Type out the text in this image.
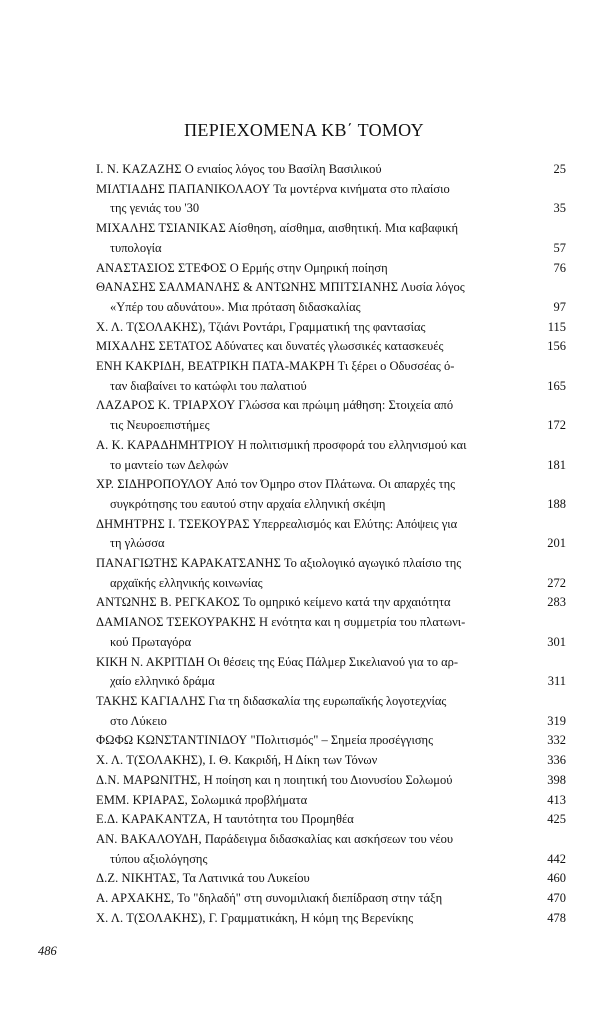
ΠΕΡΙΕΧΟΜΕΝΑ ΚΒ΄ ΤΟΜΟΥ
Ι. Ν. ΚΑΖΑΖΗΣ Ο ενιαίος λόγος του Βασίλη Βασιλικού	25
ΜΙΛΤΙΑΔΗΣ ΠΑΠΑΝΙΚΟΛΑΟΥ Τα μοντέρνα κινήματα στο πλαίσιο
της γενιάς του '30	35
ΜΙΧΑΛΗΣ ΤΣΙΑΝΙΚΑΣ Αίσθηση, αίσθημα, αισθητική. Μια καβαφική
τυπολογία	57
ΑΝΑΣΤΑΣΙΟΣ ΣΤΕΦΟΣ Ο Ερμής στην Ομηρική ποίηση	76
ΘΑΝΑΣΗΣ ΣΑΛΜΑΝΛΗΣ & ΑΝΤΩΝΗΣ ΜΠΙΤΣΙΑΝΗΣ Λυσία λόγος
«Υπέρ του αδυνάτου». Μια πρόταση διδασκαλίας	97
Χ. Λ. Τ(ΣΟΛΑΚΗΣ), Τζιάνι Ροντάρι, Γραμματική της φαντασίας	115
ΜΙΧΑΛΗΣ ΣΕΤΑΤΟΣ Αδύνατες και δυνατές γλωσσικές κατασκευές	156
ΕΝΗ ΚΑΚΡΙΔΗ, ΒΕΑΤΡΙΚΗ ΠΑΤΑ-ΜΑΚΡΗ Τι ξέρει ο Οδυσσέας ό-
ταν διαβαίνει το κατώφλι του παλατιού	165
ΛΑΖΑΡΟΣ Κ. ΤΡΙΑΡΧΟΥ Γλώσσα και πρώιμη μάθηση: Στοιχεία από
τις Νευροεπιστήμες	172
Α. Κ. ΚΑΡΑΔΗΜΗΤΡΙΟΥ Η πολιτισμική προσφορά του ελληνισμού και
το μαντείο των Δελφών	181
ΧΡ. ΣΙΔΗΡΟΠΟΥΛΟΥ Από τον Όμηρο στον Πλάτωνα. Οι απαρχές της
συγκρότησης του εαυτού στην αρχαία ελληνική σκέψη	188
ΔΗΜΗΤΡΗΣ Ι. ΤΣΕΚΟΥΡΑΣ Υπερρεαλισμός και Ελύτης: Απόψεις για
τη γλώσσα	201
ΠΑΝΑΓΙΩΤΗΣ ΚΑΡΑΚΑΤΣΑΝΗΣ Το αξιολογικό αγωγικό πλαίσιο της
αρχαϊκής ελληνικής κοινωνίας	272
ΑΝΤΩΝΗΣ Β. ΡΕΓΚΑΚΟΣ Το ομηρικό κείμενο κατά την αρχαιότητα	283
ΔΑΜΙΑΝΟΣ ΤΣΕΚΟΥΡΑΚΗΣ Η ενότητα και η συμμετρία του πλατωνι-
κού Πρωταγόρα	301
ΚΙΚΗ Ν. ΑΚΡΙΤΙΔΗ Οι θέσεις της Εύας Πάλμερ Σικελιανού για το αρ-
χαίο ελληνικό δράμα	311
ΤΑΚΗΣ ΚΑΓΙΑΛΗΣ Για τη διδασκαλία της ευρωπαϊκής λογοτεχνίας
στο Λύκειο	319
ΦΩΦΩ ΚΩΝΣΤΑΝΤΙΝΙΔΟΥ "Πολιτισμός" – Σημεία προσέγγισης	332
Χ. Λ. Τ(ΣΟΛΑΚΗΣ), Ι. Θ. Κακριδή, Η Δίκη των Τόνων	336
Δ.Ν. ΜΑΡΩΝΙΤΗΣ, Η ποίηση και η ποιητική του Διονυσίου Σολωμού	398
ΕΜΜ. ΚΡΙΑΡΑΣ, Σολωμικά προβλήματα	413
Ε.Δ. ΚΑΡΑΚΑΝΤΖΑ, Η ταυτότητα του Προμηθέα	425
ΑΝ. ΒΑΚΑΛΟΥΔΗ, Παράδειγμα διδασκαλίας και ασκήσεων του νέου
τύπου αξιολόγησης	442
Δ.Ζ. ΝΙΚΗΤΑΣ, Τα Λατινικά του Λυκείου	460
Α. ΑΡΧΑΚΗΣ, Το "δηλαδή" στη συνομιλιακή διεπίδραση στην τάξη	470
Χ. Λ. Τ(ΣΟΛΑΚΗΣ), Γ. Γραμματικάκη, Η κόμη της Βερενίκης	478
486
